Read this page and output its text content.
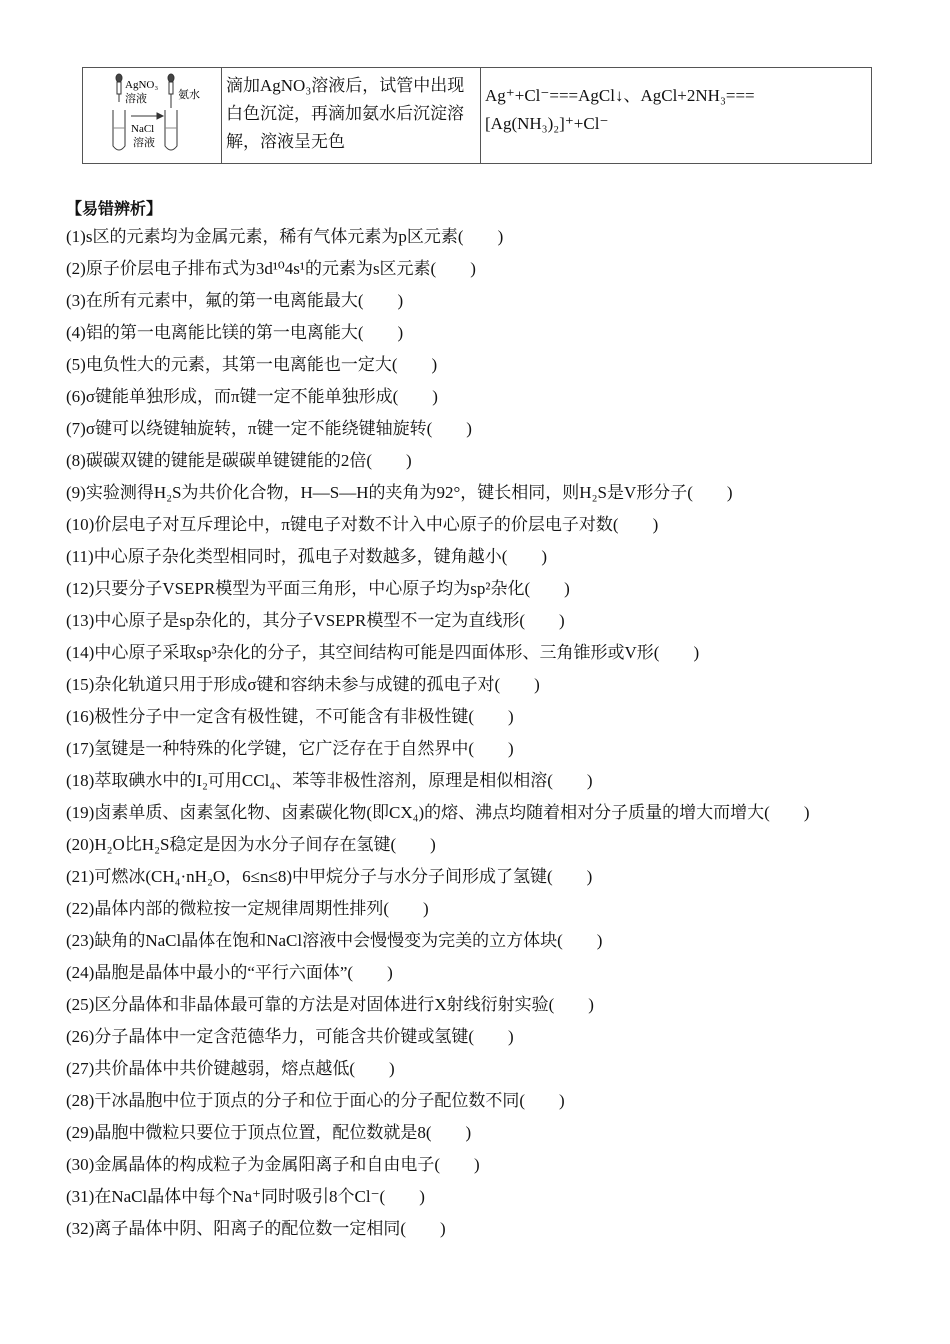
AgNO₃
溶液	氨水
NaCl
溶液
	滴加AgNO₃溶液后，试管中出现白色沉淀，再滴加氨水后沉淀溶解，溶液呈无色	Ag⁺+Cl⁻===AgCl↓、AgCl+2NH₃===[Ag(NH₃)₂]⁺+Cl⁻
【易错辨析】
(1)s区的元素均为金属元素，稀有气体元素为p区元素(　　)
(2)原子价层电子排布式为3d¹⁰4s¹的元素为s区元素(　　)
(3)在所有元素中，氟的第一电离能最大(　　)
(4)铝的第一电离能比镁的第一电离能大(　　)
(5)电负性大的元素，其第一电离能也一定大(　　)
(6)σ键能单独形成，而π键一定不能单独形成(　　)
(7)σ键可以绕键轴旋转，π键一定不能绕键轴旋转(　　)
(8)碳碳双键的键能是碳碳单键键能的2倍(　　)
(9)实验测得H₂S为共价化合物，H—S—H的夹角为92°，键长相同，则H₂S是V形分子(　　)
(10)价层电子对互斥理论中，π键电子对数不计入中心原子的价层电子对数(　　)
(11)中心原子杂化类型相同时，孤电子对数越多，键角越小(　　)
(12)只要分子VSEPR模型为平面三角形，中心原子均为sp²杂化(　　)
(13)中心原子是sp杂化的，其分子VSEPR模型不一定为直线形(　　)
(14)中心原子采取sp³杂化的分子，其空间结构可能是四面体形、三角锥形或V形(　　)
(15)杂化轨道只用于形成σ键和容纳未参与成键的孤电子对(　　)
(16)极性分子中一定含有极性键，不可能含有非极性键(　　)
(17)氢键是一种特殊的化学键，它广泛存在于自然界中(　　)
(18)萃取碘水中的I₂可用CCl₄、苯等非极性溶剂，原理是相似相溶(　　)
(19)卤素单质、卤素氢化物、卤素碳化物(即CX₄)的熔、沸点均随着相对分子质量的增大而增大(　　)
(20)H₂O比H₂S稳定是因为水分子间存在氢键(　　)
(21)可燃冰(CH₄·nH₂O，6≤n≤8)中甲烷分子与水分子间形成了氢键(　　)
(22)晶体内部的微粒按一定规律周期性排列(　　)
(23)缺角的NaCl晶体在饱和NaCl溶液中会慢慢变为完美的立方体块(　　)
(24)晶胞是晶体中最小的“平行六面体”(　　)
(25)区分晶体和非晶体最可靠的方法是对固体进行X射线衍射实验(　　)
(26)分子晶体中一定含范德华力，可能含共价键或氢键(　　)
(27)共价晶体中共价键越弱，熔点越低(　　)
(28)干冰晶胞中位于顶点的分子和位于面心的分子配位数不同(　　)
(29)晶胞中微粒只要位于顶点位置，配位数就是8(　　)
(30)金属晶体的构成粒子为金属阳离子和自由电子(　　)
(31)在NaCl晶体中每个Na⁺同时吸引8个Cl⁻(　　)
(32)离子晶体中阴、阳离子的配位数一定相同(　　)
